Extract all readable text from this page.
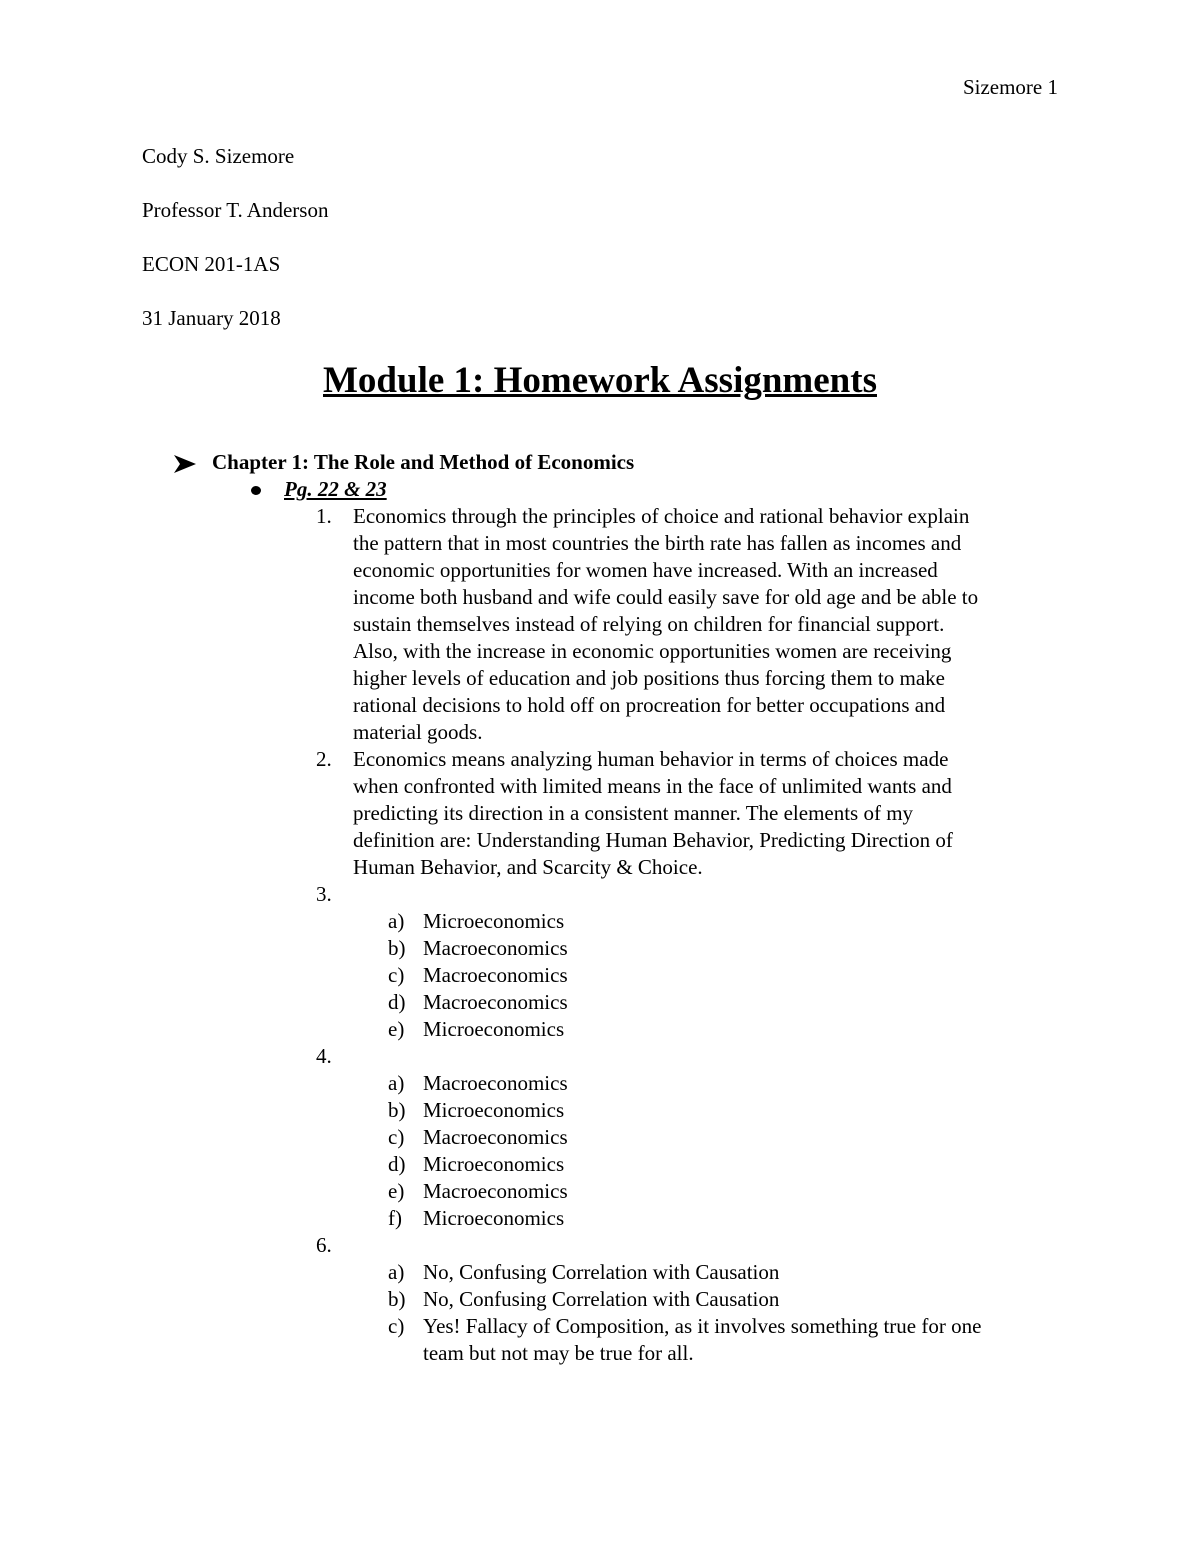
Sizemore 1
Cody S. Sizemore
Professor T. Anderson
ECON 201-1AS
31 January 2018
Module 1: Homework Assignments
Chapter 1: The Role and Method of Economics
Pg. 22 & 23
1.	Economics through the principles of choice and rational behavior explain
the pattern that in most countries the birth rate has fallen as incomes and
economic opportunities for women have increased. With an increased
income both husband and wife could easily save for old age and be able to
sustain themselves instead of relying on children for financial support.
Also, with the increase in economic opportunities women are receiving
higher levels of education and job positions thus forcing them to make
rational decisions to hold off on procreation for better occupations and
material goods.
2.	Economics means analyzing human behavior in terms of choices made
when confronted with limited means in the face of unlimited wants and
predicting its direction in a consistent manner. The elements of my
definition are: Understanding Human Behavior, Predicting Direction of
Human Behavior, and Scarcity & Choice.
3.
a) Microeconomics
b) Macroeconomics
c) Macroeconomics
d) Macroeconomics
e) Microeconomics
4.
a) Macroeconomics
b) Microeconomics
c) Macroeconomics
d) Microeconomics
e) Macroeconomics
f) Microeconomics
6.
a) No, Confusing Correlation with Causation
b) No, Confusing Correlation with Causation
c) Yes! Fallacy of Composition, as it involves something true for one
team but not may be true for all.
